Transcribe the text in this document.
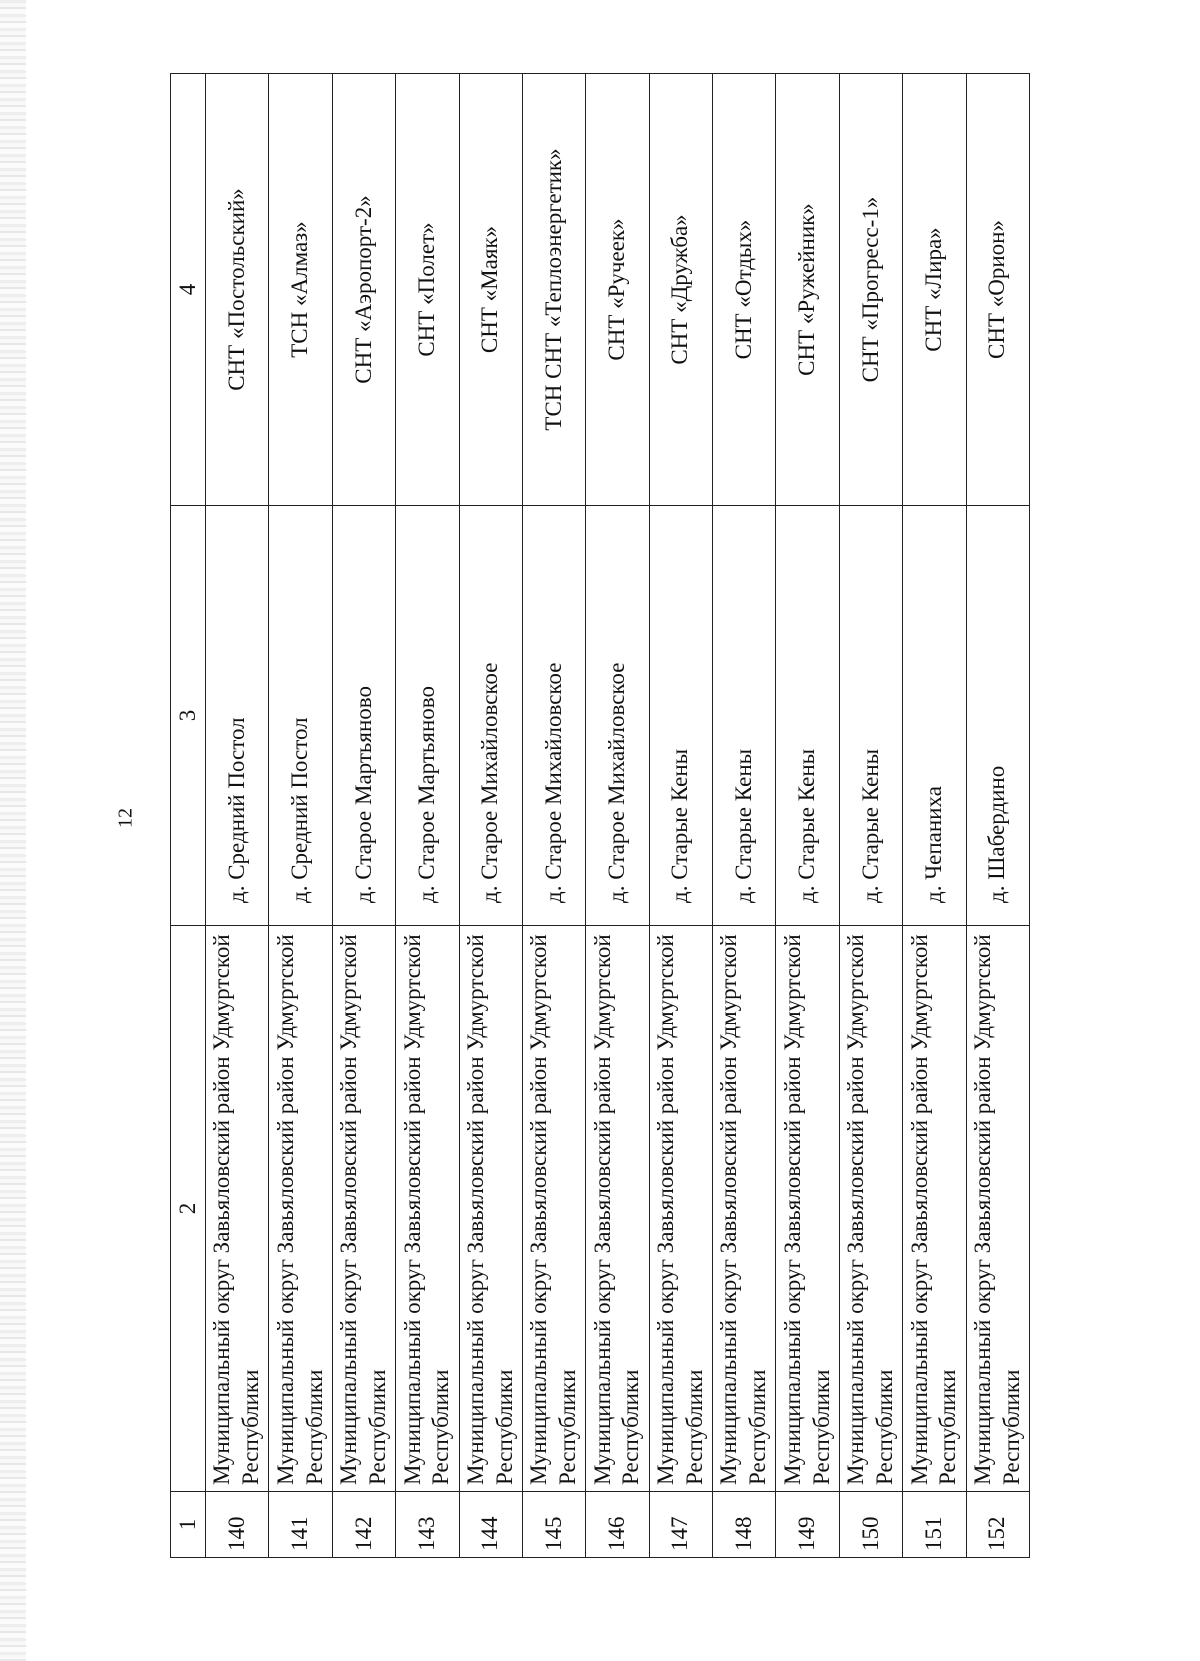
12
1	2	3	4
140	Муниципальный округ Завьяловский район Удмуртской Республики	д. Средний Постол	СНТ «Постольский»
141	Муниципальный округ Завьяловский район Удмуртской Республики	д. Средний Постол	ТСН «Алмаз»
142	Муниципальный округ Завьяловский район Удмуртской Республики	д. Старое Мартьяново	СНТ «Аэропорт-2»
143	Муниципальный округ Завьяловский район Удмуртской Республики	д. Старое Мартьяново	СНТ «Полет»
144	Муниципальный округ Завьяловский район Удмуртской Республики	д. Старое Михайловское	СНТ «Маяк»
145	Муниципальный округ Завьяловский район Удмуртской Республики	д. Старое Михайловское	ТСН СНТ «Теплоэнергетик»
146	Муниципальный округ Завьяловский район Удмуртской Республики	д. Старое Михайловское	СНТ «Ручеек»
147	Муниципальный округ Завьяловский район Удмуртской Республики	д. Старые Кены	СНТ «Дружба»
148	Муниципальный округ Завьяловский район Удмуртской Республики	д. Старые Кены	СНТ «Отдых»
149	Муниципальный округ Завьяловский район Удмуртской Республики	д. Старые Кены	СНТ «Ружейник»
150	Муниципальный округ Завьяловский район Удмуртской Республики	д. Старые Кены	СНТ «Прогресс-1»
151	Муниципальный округ Завьяловский район Удмуртской Республики	д. Чепаниха	СНТ «Лира»
152	Муниципальный округ Завьяловский район Удмуртской Республики	д. Шабердино	СНТ «Орион»
